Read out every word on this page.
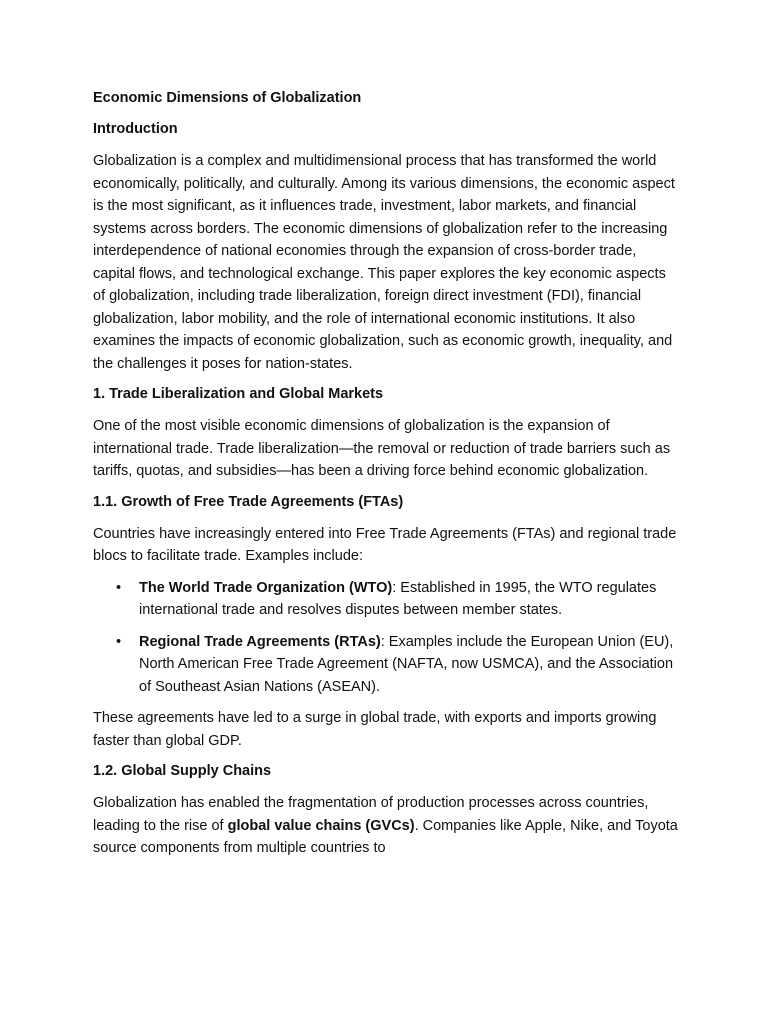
Economic Dimensions of Globalization
Introduction

Globalization is a complex and multidimensional process that has transformed the world economically, politically, and culturally. Among its various dimensions, the economic aspect is the most significant, as it influences trade, investment, labor markets, and financial systems across borders. The economic dimensions of globalization refer to the increasing interdependence of national economies through the expansion of cross-border trade, capital flows, and technological exchange. This paper explores the key economic aspects of globalization, including trade liberalization, foreign direct investment (FDI), financial globalization, labor mobility, and the role of international economic institutions. It also examines the impacts of economic globalization, such as economic growth, inequality, and the challenges it poses for nation-states.

1. Trade Liberalization and Global Markets

One of the most visible economic dimensions of globalization is the expansion of international trade. Trade liberalization—the removal or reduction of trade barriers such as tariffs, quotas, and subsidies—has been a driving force behind economic globalization.

1.1. Growth of Free Trade Agreements (FTAs)

Countries have increasingly entered into Free Trade Agreements (FTAs) and regional trade blocs to facilitate trade. Examples include:

• The World Trade Organization (WTO): Established in 1995, the WTO regulates international trade and resolves disputes between member states.
• Regional Trade Agreements (RTAs): Examples include the European Union (EU), North American Free Trade Agreement (NAFTA, now USMCA), and the Association of Southeast Asian Nations (ASEAN).

These agreements have led to a surge in global trade, with exports and imports growing faster than global GDP.

1.2. Global Supply Chains

Globalization has enabled the fragmentation of production processes across countries, leading to the rise of global value chains (GVCs). Companies like Apple, Nike, and Toyota source components from multiple countries to
